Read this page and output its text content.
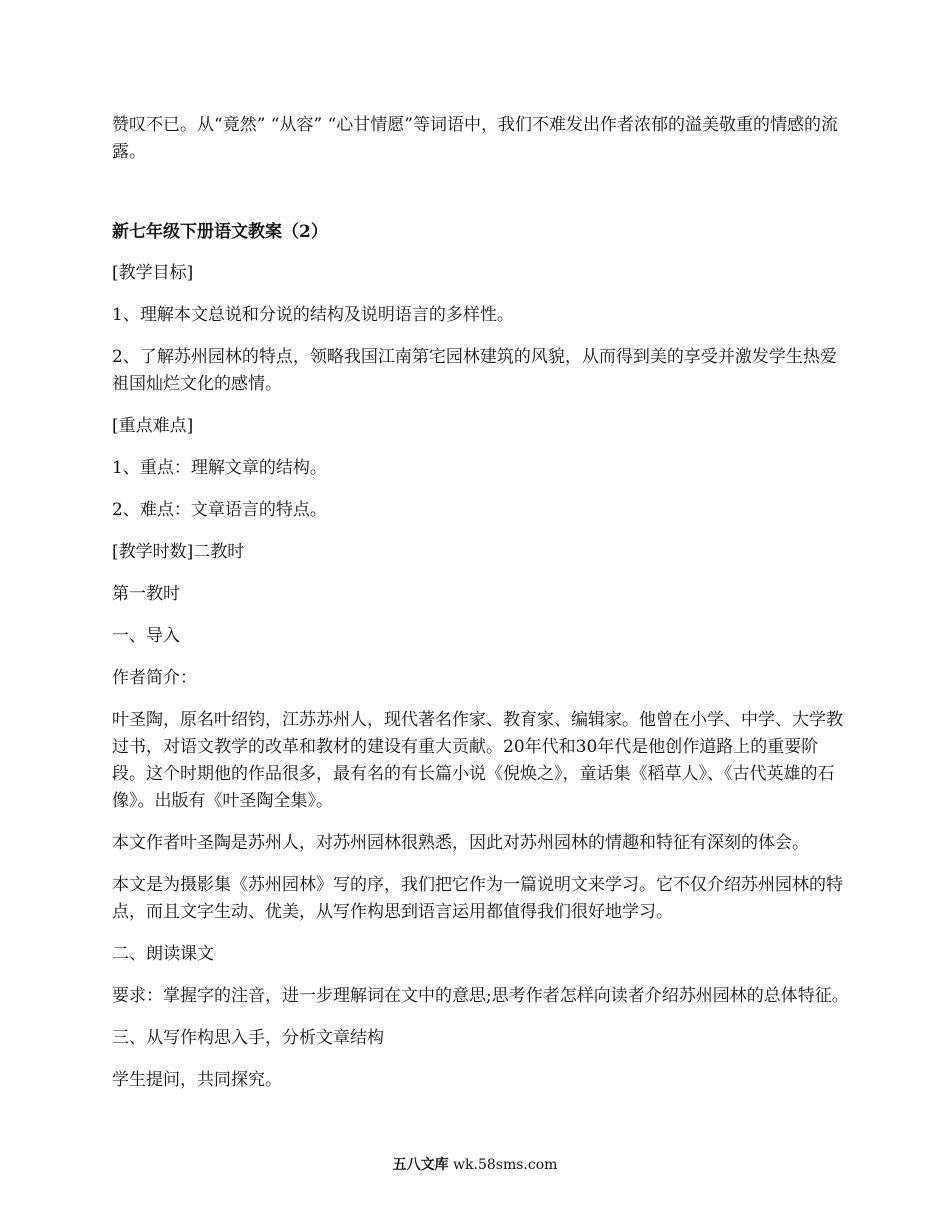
赞叹不已。从“竟然” “从容” “心甘情愿”等词语中，我们不难发出作者浓郁的溢美敬重的情感的流露。

新七年级下册语文教案（2）

[教学目标]

1、理解本文总说和分说的结构及说明语言的多样性。

2、了解苏州园林的特点，领略我国江南第宅园林建筑的风貌，从而得到美的享受并激发学生热爱祖国灿烂文化的感情。

[重点难点]

1、重点：理解文章的结构。

2、难点：文章语言的特点。

[教学时数]二教时

第一教时

一、导入

作者简介：

叶圣陶，原名叶绍钧，江苏苏州人，现代著名作家、教育家、编辑家。他曾在小学、中学、大学教过书，对语文教学的改革和教材的建设有重大贡献。20年代和30年代是他创作道路上的重要阶段。这个时期他的作品很多，最有名的有长篇小说《倪焕之》，童话集《稻草人》、《古代英雄的石像》。出版有《叶圣陶全集》。

本文作者叶圣陶是苏州人，对苏州园林很熟悉，因此对苏州园林的情趣和特征有深刻的体会。

本文是为摄影集《苏州园林》写的序，我们把它作为一篇说明文来学习。它不仅介绍苏州园林的特点，而且文字生动、优美，从写作构思到语言运用都值得我们很好地学习。

二、朗读课文

要求：掌握字的注音，进一步理解词在文中的意思;思考作者怎样向读者介绍苏州园林的总体特征。

三、从写作构思入手，分析文章结构

学生提问，共同探究。

五八文库 wk.58sms.com
